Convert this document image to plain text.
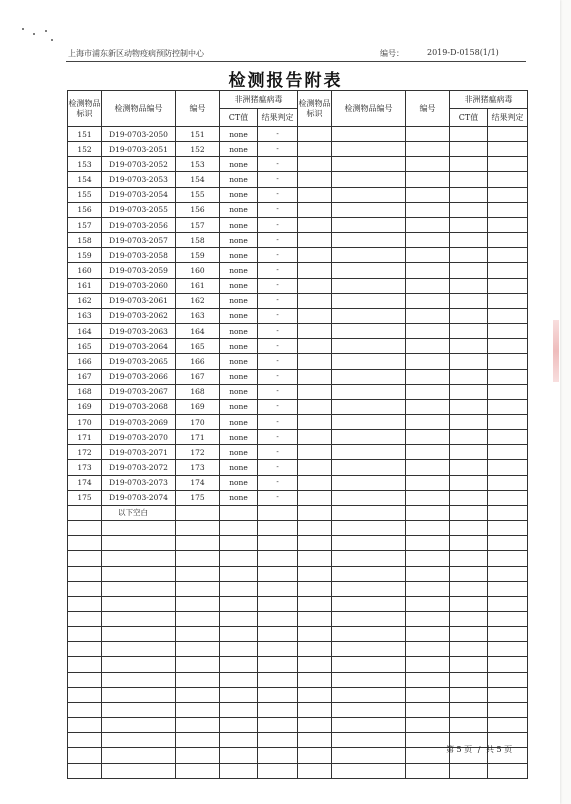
上海市浦东新区动物疫病预防控制中心	编号：	2019-D-0158(1/1)
检测报告附表
检测物品标识	检测物品编号	编号	非洲猪瘟病毒		检测物品标识	检测物品编号	编号	非洲猪瘟病毒	
			CT值	结果判定				CT值	结果判定
151	D19-0703-2050	151	none	-					
152	D19-0703-2051	152	none	-					
153	D19-0703-2052	153	none	-					
154	D19-0703-2053	154	none	-					
155	D19-0703-2054	155	none	-					
156	D19-0703-2055	156	none	-					
157	D19-0703-2056	157	none	-					
158	D19-0703-2057	158	none	-					
159	D19-0703-2058	159	none	-					
160	D19-0703-2059	160	none	-					
161	D19-0703-2060	161	none	-					
162	D19-0703-2061	162	none	-					
163	D19-0703-2062	163	none	-					
164	D19-0703-2063	164	none	-					
165	D19-0703-2064	165	none	-					
166	D19-0703-2065	166	none	-					
167	D19-0703-2066	167	none	-					
168	D19-0703-2067	168	none	-					
169	D19-0703-2068	169	none	-					
170	D19-0703-2069	170	none	-					
171	D19-0703-2070	171	none	-					
172	D19-0703-2071	172	none	-					
173	D19-0703-2072	173	none	-					
174	D19-0703-2073	174	none	-					
175	D19-0703-2074	175	none	-					
	以下空白								

第 5 页 / 共 5 页
